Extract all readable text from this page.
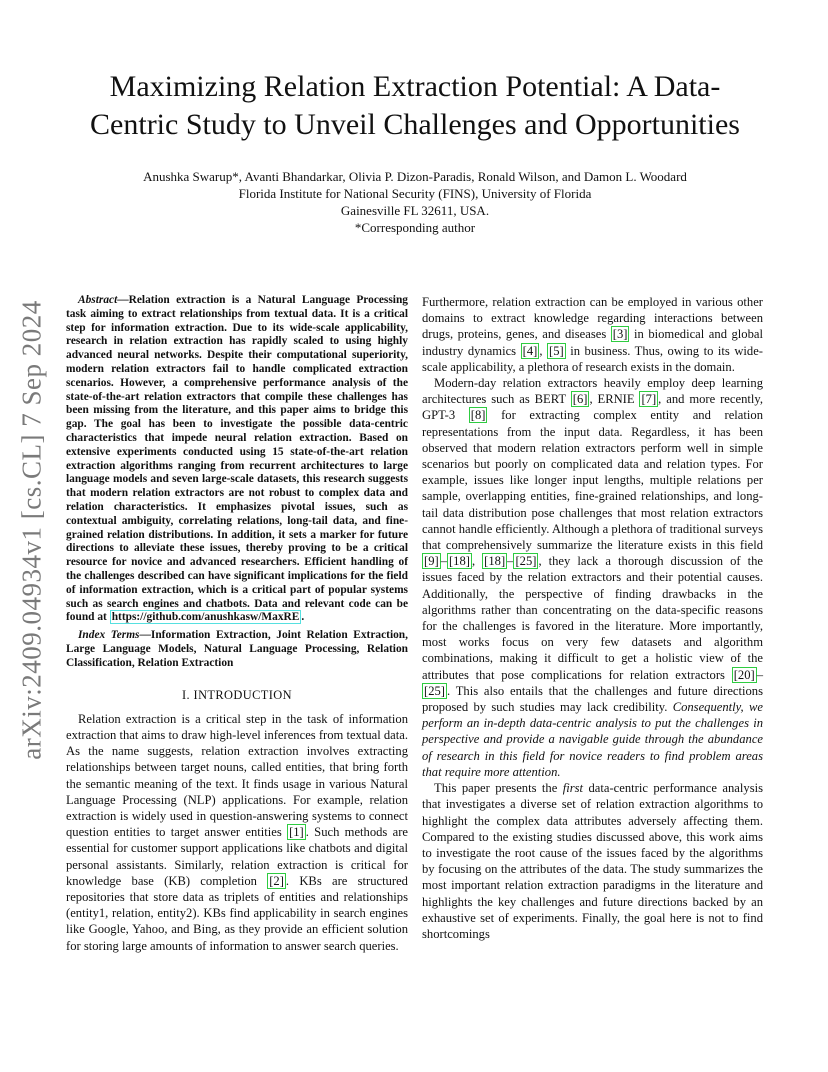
arXiv:2409.04934v1 [cs.CL] 7 Sep 2024
Maximizing Relation Extraction Potential: A Data-Centric Study to Unveil Challenges and Opportunities
Anushka Swarup*, Avanti Bhandarkar, Olivia P. Dizon-Paradis, Ronald Wilson, and Damon L. Woodard
Florida Institute for National Security (FINS), University of Florida
Gainesville FL 32611, USA.
*Corresponding author

Abstract—Relation extraction is a Natural Language Processing task aiming to extract relationships from textual data. It is a critical step for information extraction. Due to its wide-scale applicability, research in relation extraction has rapidly scaled to using highly advanced neural networks. Despite their computational superiority, modern relation extractors fail to handle complicated extraction scenarios. However, a comprehensive performance analysis of the state-of-the-art relation extractors that compile these challenges has been missing from the literature, and this paper aims to bridge this gap. The goal has been to investigate the possible data-centric characteristics that impede neural relation extraction. Based on extensive experiments conducted using 15 state-of-the-art relation extraction algorithms ranging from recurrent architectures to large language models and seven large-scale datasets, this research suggests that modern relation extractors are not robust to complex data and relation characteristics. It emphasizes pivotal issues, such as contextual ambiguity, correlating relations, long-tail data, and fine-grained relation distributions. In addition, it sets a marker for future directions to alleviate these issues, thereby proving to be a critical resource for novice and advanced researchers. Efficient handling of the challenges described can have significant implications for the field of information extraction, which is a critical part of popular systems such as search engines and chatbots. Data and relevant code can be found at https://github.com/anushkasw/MaxRE .

Index Terms—Information Extraction, Joint Relation Extraction, Large Language Models, Natural Language Processing, Relation Classification, Relation Extraction

I. INTRODUCTION

Relation extraction is a critical step in the task of information extraction that aims to draw high-level inferences from textual data. As the name suggests, relation extraction involves extracting relationships between target nouns, called entities, that bring forth the semantic meaning of the text. It finds usage in various Natural Language Processing (NLP) applications. For example, relation extraction is widely used in question-answering systems to connect question entities to target answer entities [1] . Such methods are essential for customer support applications like chatbots and digital personal assistants. Similarly, relation extraction is critical for knowledge base (KB) completion [2] . KBs are structured repositories that store data as triplets of entities and relationships (entity1, relation, entity2). KBs find applicability in search engines like Google, Yahoo, and Bing, as they provide an efficient solution for storing large amounts of information to answer search queries.

Furthermore, relation extraction can be employed in various other domains to extract knowledge regarding interactions between drugs, proteins, genes, and diseases [3] in biomedical and global industry dynamics [4] , [5] in business. Thus, owing to its wide-scale applicability, a plethora of research exists in the domain.

Modern-day relation extractors heavily employ deep learning architectures such as BERT [6] , ERNIE [7] , and more recently, GPT-3 [8] for extracting complex entity and relation representations from the input data. Regardless, it has been observed that modern relation extractors perform well in simple scenarios but poorly on complicated data and relation types. For example, issues like longer input lengths, multiple relations per sample, overlapping entities, fine-grained relationships, and long-tail data distribution pose challenges that most relation extractors cannot handle efficiently. Although a plethora of traditional surveys that comprehensively summarize the literature exists in this field [9] – [18] , [18] – [25] , they lack a thorough discussion of the issues faced by the relation extractors and their potential causes. Additionally, the perspective of finding drawbacks in the algorithms rather than concentrating on the data-specific reasons for the challenges is favored in the literature. More importantly, most works focus on very few datasets and algorithm combinations, making it difficult to get a holistic view of the attributes that pose complications for relation extractors [20] –[25] . This also entails that the challenges and future directions proposed by such studies may lack credibility. Consequently, we perform an in-depth data-centric analysis to put the challenges in perspective and provide a navigable guide through the abundance of research in this field for novice readers to find problem areas that require more attention.

This paper presents the first data-centric performance analysis that investigates a diverse set of relation extraction algorithms to highlight the complex data attributes adversely affecting them. Compared to the existing studies discussed above, this work aims to investigate the root cause of the issues faced by the algorithms by focusing on the attributes of the data. The study summarizes the most important relation extraction paradigms in the literature and highlights the key challenges and future directions backed by an exhaustive set of experiments. Finally, the goal here is not to find shortcomings
